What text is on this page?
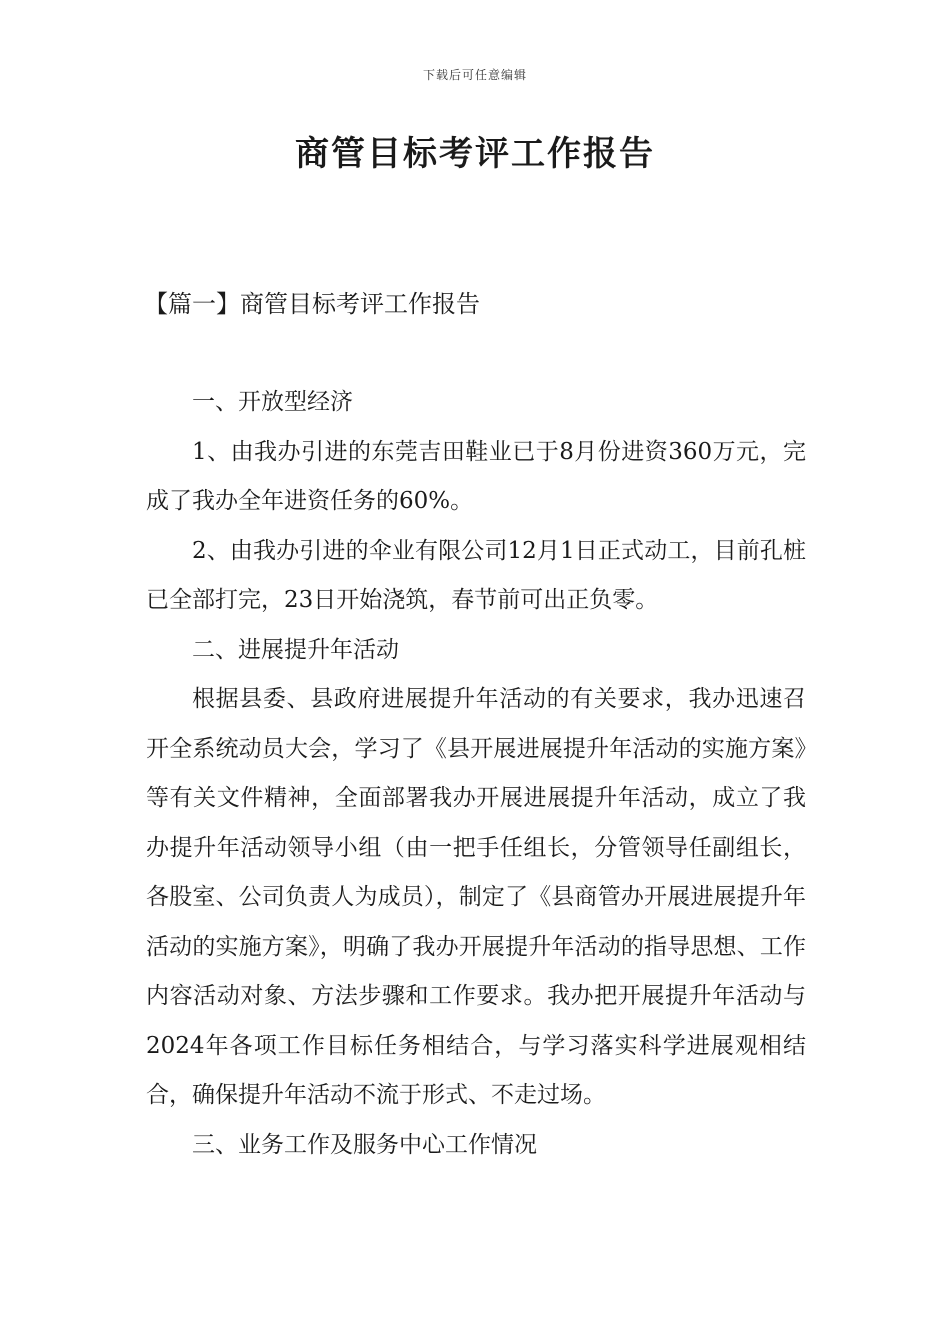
下载后可任意编辑
商管目标考评工作报告
【篇一】商管目标考评工作报告
一、开放型经济

1、由我办引进的东莞吉田鞋业已于8月份进资360万元，完成了我办全年进资任务的60%。

2、由我办引进的伞业有限公司12月1日正式动工，目前孔桩已全部打完，23日开始浇筑，春节前可出正负零。

二、进展提升年活动

根据县委、县政府进展提升年活动的有关要求，我办迅速召开全系统动员大会，学习了《县开展进展提升年活动的实施方案》等有关文件精神，全面部署我办开展进展提升年活动，成立了我办提升年活动领导小组（由一把手任组长，分管领导任副组长，各股室、公司负责人为成员），制定了《县商管办开展进展提升年活动的实施方案》，明确了我办开展提升年活动的指导思想、工作内容活动对象、方法步骤和工作要求。我办把开展提升年活动与2024年各项工作目标任务相结合，与学习落实科学进展观相结合，确保提升年活动不流于形式、不走过场。

三、业务工作及服务中心工作情况
